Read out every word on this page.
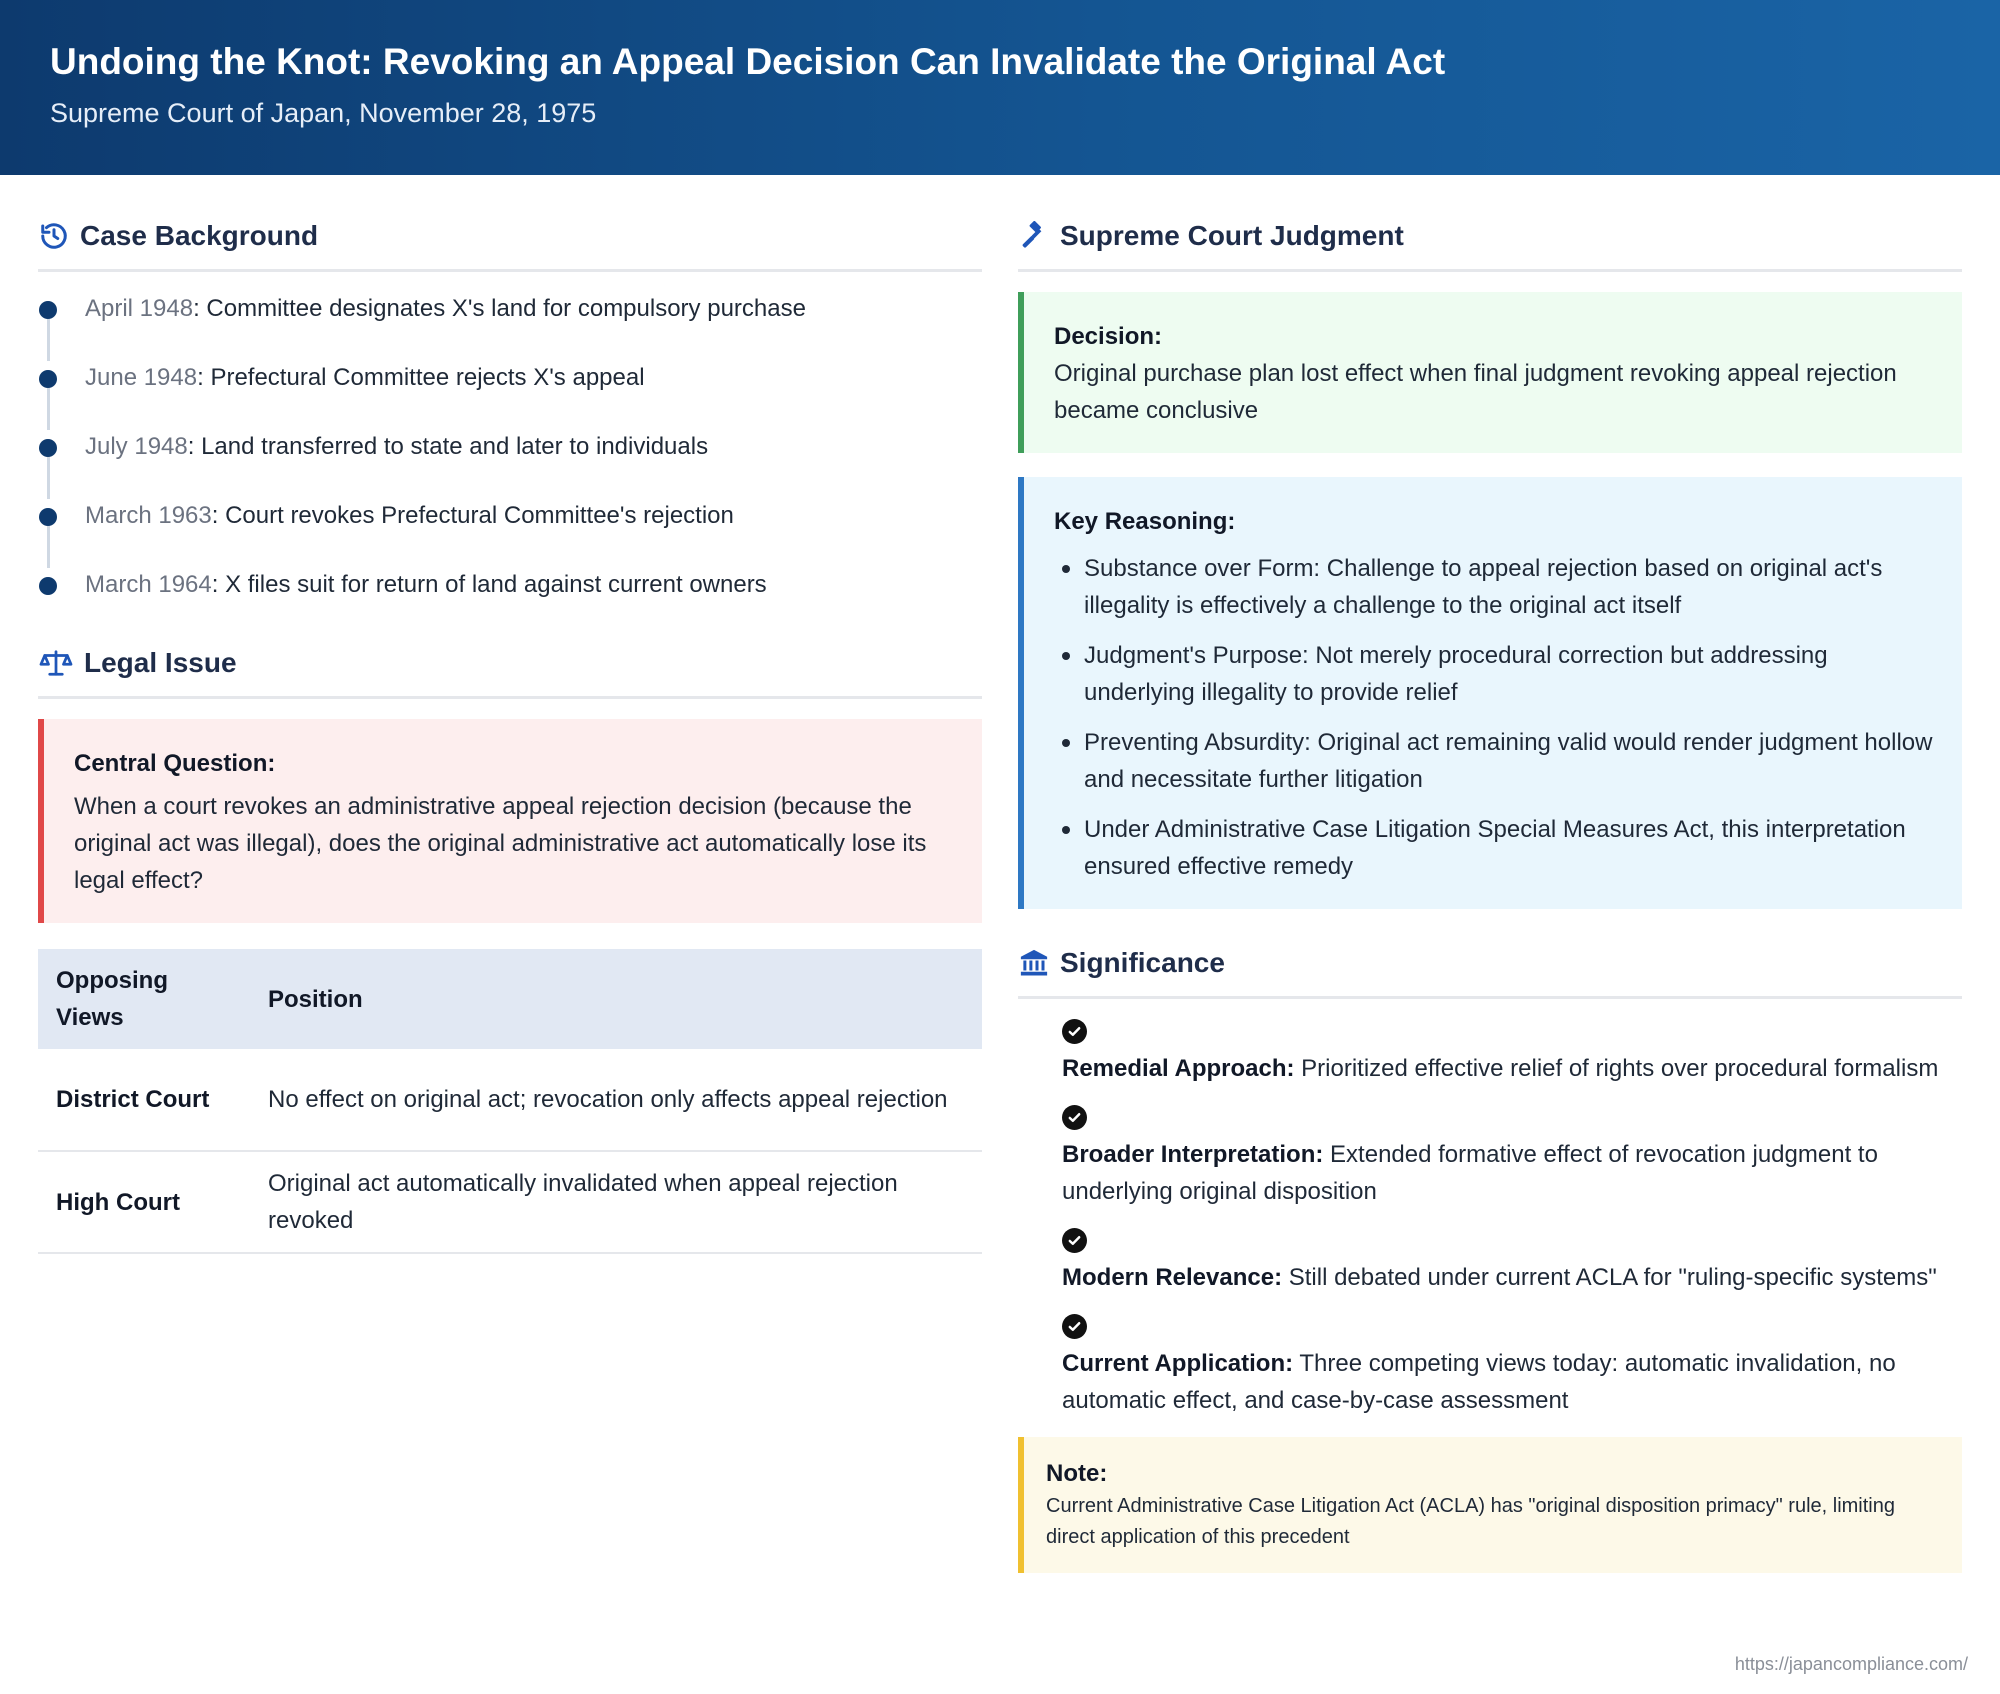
Undoing the Knot: Revoking an Appeal Decision Can Invalidate the Original Act
Supreme Court of Japan, November 28, 1975
Case Background
April 1948: Committee designates X's land for compulsory purchase
June 1948: Prefectural Committee rejects X's appeal
July 1948: Land transferred to state and later to individuals
March 1963: Court revokes Prefectural Committee's rejection
March 1964: X files suit for return of land against current owners
Legal Issue
Central Question:
When a court revokes an administrative appeal rejection decision (because the original act was illegal), does the original administrative act automatically lose its legal effect?
Opposing Views	Position
District Court	No effect on original act; revocation only affects appeal rejection
High Court	Original act automatically invalidated when appeal rejection revoked
Supreme Court Judgment
Decision:
Original purchase plan lost effect when final judgment revoking appeal rejection became conclusive
Key Reasoning:
Substance over Form: Challenge to appeal rejection based on original act's illegality is effectively a challenge to the original act itself
Judgment's Purpose: Not merely procedural correction but addressing underlying illegality to provide relief
Preventing Absurdity: Original act remaining valid would render judgment hollow and necessitate further litigation
Under Administrative Case Litigation Special Measures Act, this interpretation ensured effective remedy
Significance
Remedial Approach: Prioritized effective relief of rights over procedural formalism
Broader Interpretation: Extended formative effect of revocation judgment to underlying original disposition
Modern Relevance: Still debated under current ACLA for "ruling-specific systems"
Current Application: Three competing views today: automatic invalidation, no automatic effect, and case-by-case assessment
Note:
Current Administrative Case Litigation Act (ACLA) has "original disposition primacy" rule, limiting direct application of this precedent
https://japancompliance.com/
